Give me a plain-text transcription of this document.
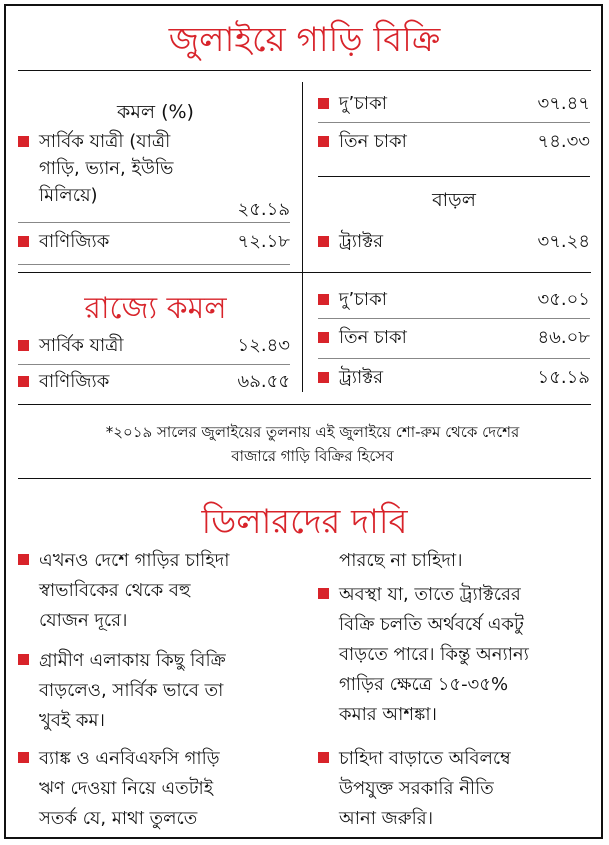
জুলাইয়ে গাড়ি বিক্রি
কমল (%)
সার্বিক যাত্রী (যাত্রী
গাড়ি, ভ্যান, ইউভি
মিলিয়ে)
২৫.১৯
বাণিজ্যিক	৭২.১৮
দু’চাকা	৩৭.৪৭
তিন চাকা	৭৪.৩৩
বাড়ল
ট্র্যাক্টর	৩৭.২৪
রাজ্যে কমল
সার্বিক যাত্রী	১২.৪৩
বাণিজ্যিক	৬৯.৫৫
দু’চাকা	৩৫.০১
তিন চাকা	৪৬.০৮
ট্র্যাক্টর	১৫.১৯
*২০১৯ সালের জুলাইয়ের তুলনায় এই জুলাইয়ে শো-রুম থেকে দেশের
বাজারে গাড়ি বিক্রির হিসেব
ডিলারদের দাবি
এখনও দেশে গাড়ির চাহিদা
স্বাভাবিকের থেকে বহু
যোজন দূরে।
গ্রামীণ এলাকায় কিছু বিক্রি
বাড়লেও, সার্বিক ভাবে তা
খুবই কম।
ব্যাঙ্ক ও এনবিএফসি গাড়ি
ঋণ দেওয়া নিয়ে এতটাই
সতর্ক যে, মাথা তুলতে
পারছে না চাহিদা।
অবস্থা যা, তাতে ট্র্যাক্টরের
বিক্রি চলতি অর্থবর্ষে একটু
বাড়তে পারে। কিন্তু অন্যান্য
গাড়ির ক্ষেত্রে ১৫-৩৫%
কমার আশঙ্কা।
চাহিদা বাড়াতে অবিলম্বে
উপযুক্ত সরকারি নীতি
আনা জরুরি।
